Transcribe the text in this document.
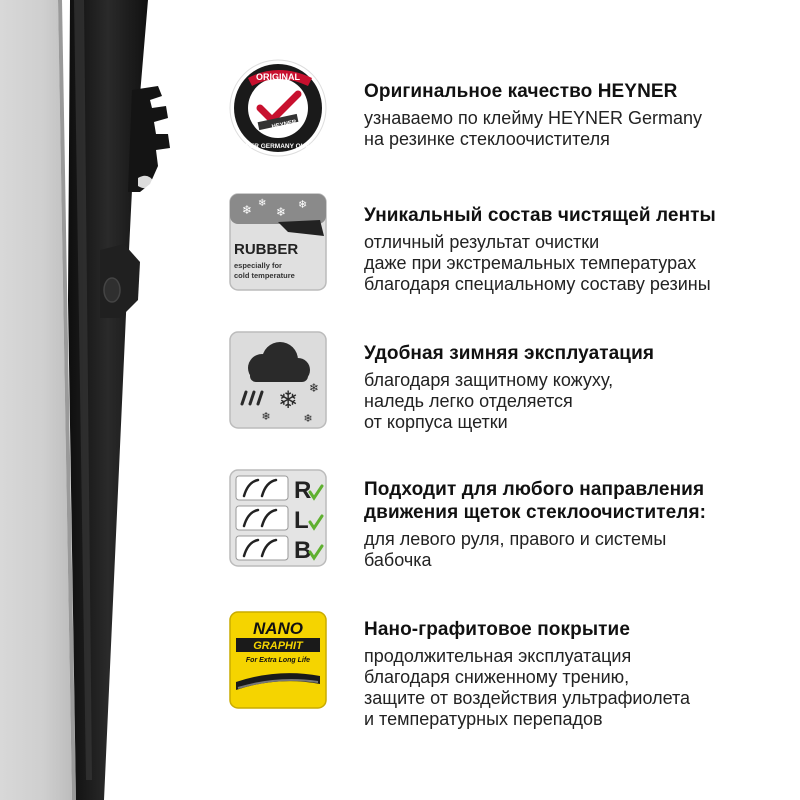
ORIGINAL
HEYNER GERMANY QUALITY
HEYNER
Оригинальное качество HEYNER
узнаваемо по клейму HEYNER Germany
на резинке стеклоочистителя
❄ ❄
❄ ❄
RUBBER
especially for
cold temperature
Уникальный состав чистящей ленты
отличный результат очистки
даже при экстремальных температурах
благодаря специальному составу резины
❄ ❄
❄	❄
Удобная зимняя эксплуатация
благодаря защитному кожуху,
наледь легко отделяется
от корпуса щетки
R
L
B
Подходит для любого направления
движения щеток стеклоочистителя:
для левого руля, правого и системы
бабочка
NANO
GRAPHIT
For Extra Long Life
Нано-графитовое покрытие
продолжительная эксплуатация
благодаря сниженному трению,
защите от воздействия ультрафиолета
и температурных перепадов
